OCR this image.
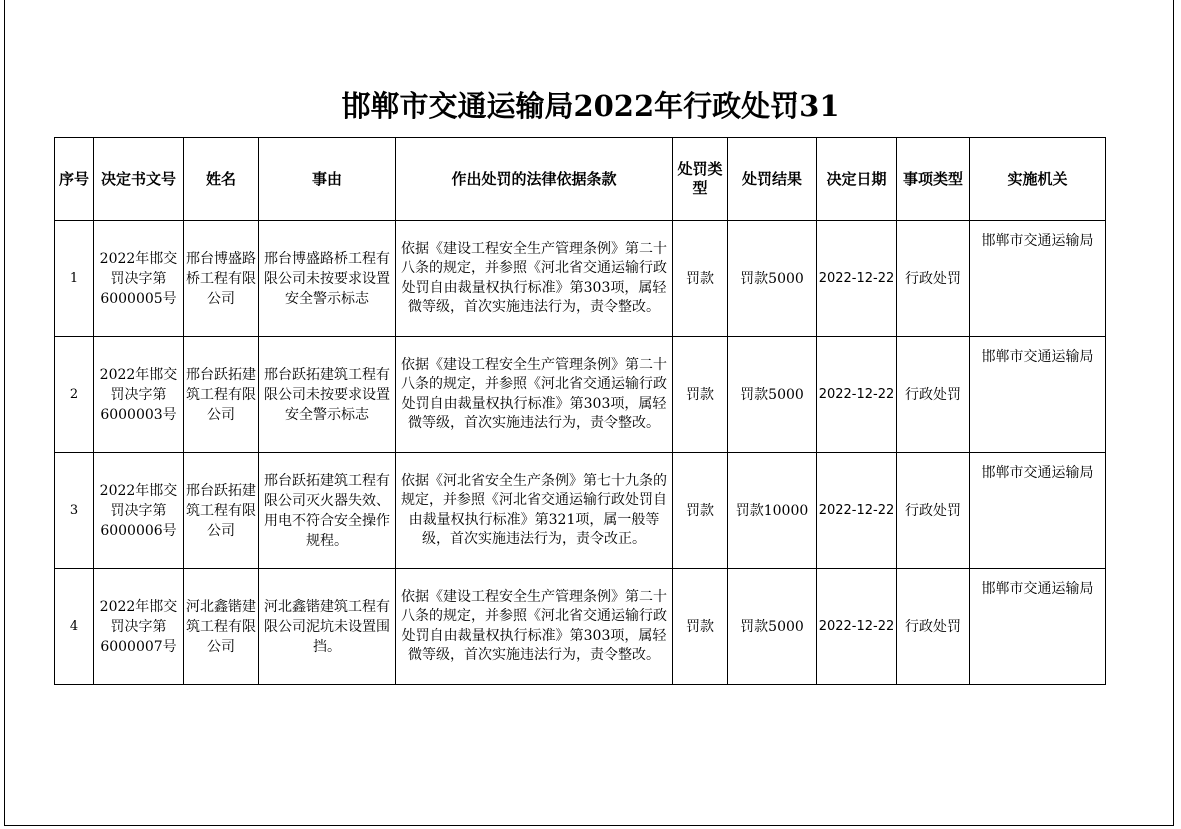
邯郸市交通运输局2022年行政处罚31
序号	决定书文号	姓名	事由	作出处罚的法律依据条款	处罚类型	处罚结果	决定日期	事项类型	实施机关
1	2022年邯交罚决字第6000005号	邢台博盛路桥工程有限公司	邢台博盛路桥工程有限公司未按要求设置安全警示标志	依据《建设工程安全生产管理条例》第二十八条的规定，并参照《河北省交通运输行政处罚自由裁量权执行标准》第303项，属轻微等级，首次实施违法行为，责令整改。	罚款	罚款5000	2022-12-22	行政处罚	邯郸市交通运输局
2	2022年邯交罚决字第6000003号	邢台跃拓建筑工程有限公司	邢台跃拓建筑工程有限公司未按要求设置安全警示标志	依据《建设工程安全生产管理条例》第二十八条的规定，并参照《河北省交通运输行政处罚自由裁量权执行标准》第303项，属轻微等级，首次实施违法行为，责令整改。	罚款	罚款5000	2022-12-22	行政处罚	邯郸市交通运输局
3	2022年邯交罚决字第6000006号	邢台跃拓建筑工程有限公司	邢台跃拓建筑工程有限公司灭火器失效、用电不符合安全操作规程。	依据《河北省安全生产条例》第七十九条的规定，并参照《河北省交通运输行政处罚自由裁量权执行标准》第321项，属一般等级，首次实施违法行为，责令改正。	罚款	罚款10000	2022-12-22	行政处罚	邯郸市交通运输局
4	2022年邯交罚决字第6000007号	河北鑫锴建筑工程有限公司	河北鑫锴建筑工程有限公司泥坑未设置围挡。	依据《建设工程安全生产管理条例》第二十八条的规定，并参照《河北省交通运输行政处罚自由裁量权执行标准》第303项，属轻微等级，首次实施违法行为，责令整改。	罚款	罚款5000	2022-12-22	行政处罚	邯郸市交通运输局
